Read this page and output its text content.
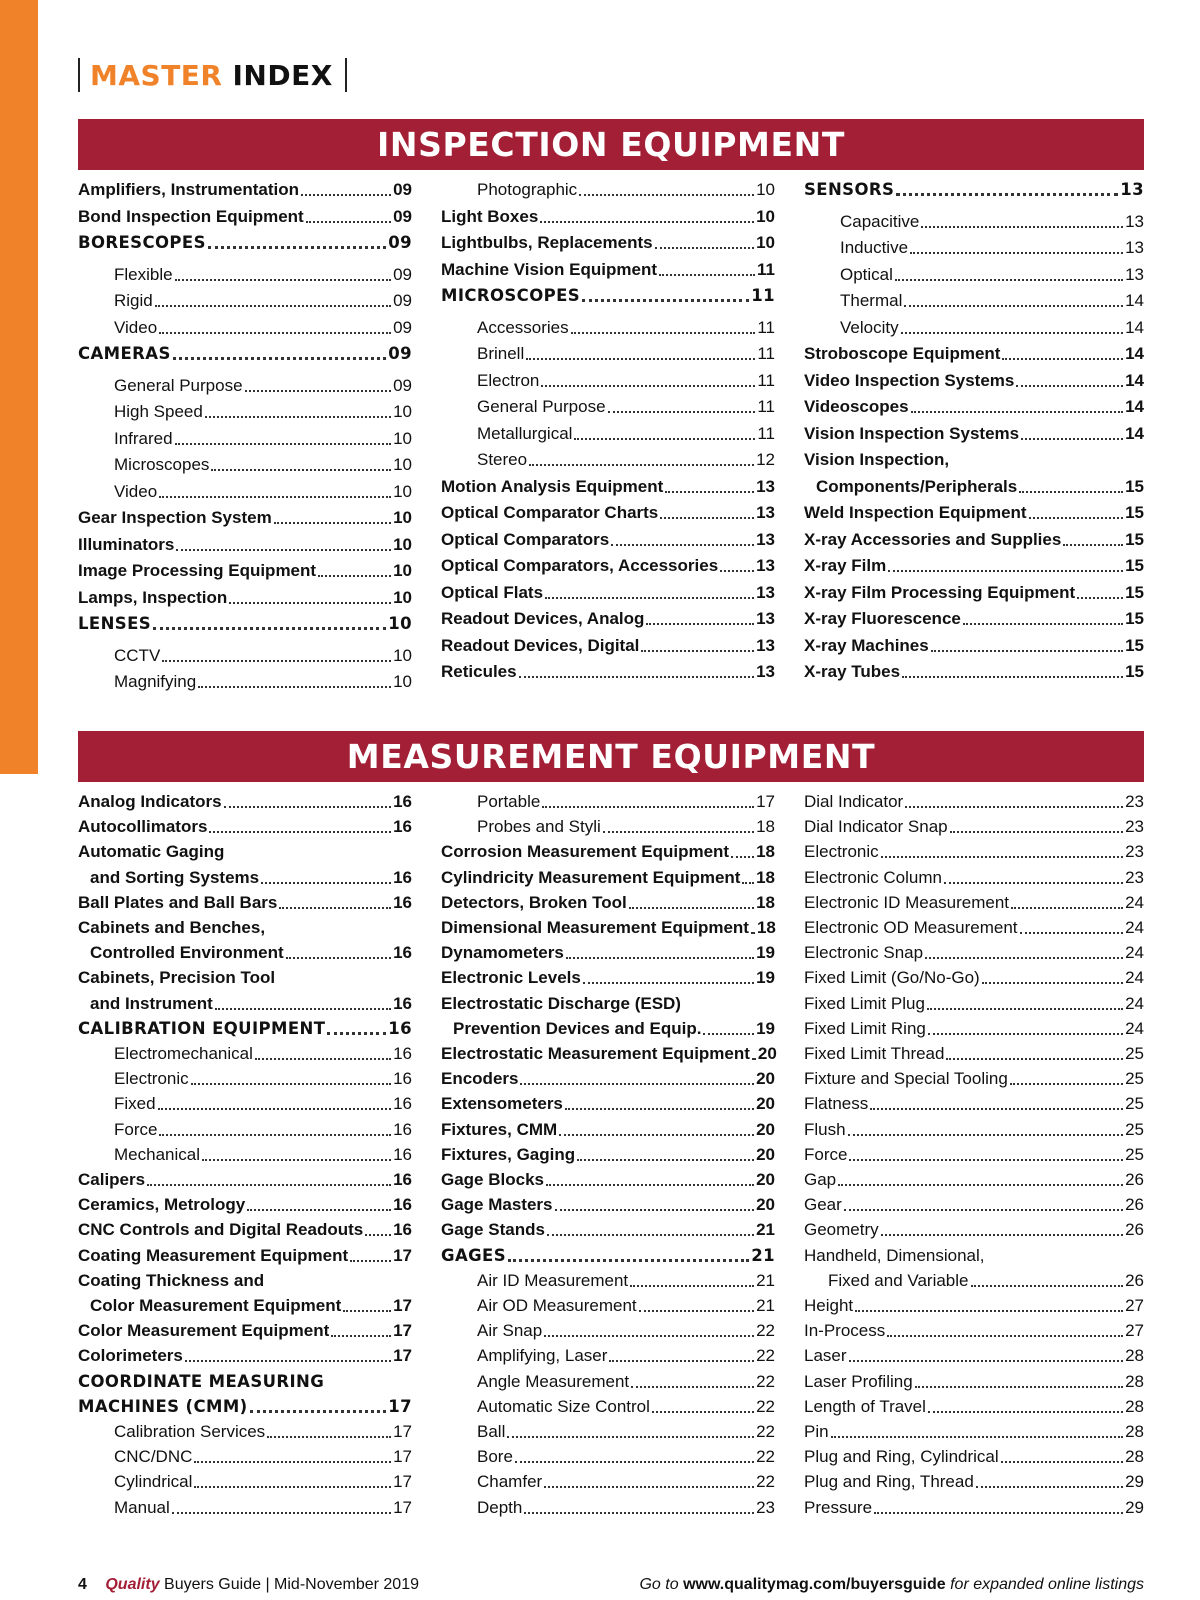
MASTER INDEX
INSPECTION EQUIPMENT
MEASUREMENT EQUIPMENT
Amplifiers, Instrumentation	09
Bond Inspection Equipment	09
BORESCOPES	09
Flexible	09
Rigid	09
Video	09
CAMERAS	09
General Purpose	09
High Speed	10
Infrared	10
Microscopes	10
Video	10
Gear Inspection System	10
Illuminators	10
Image Processing Equipment	10
Lamps, Inspection	10
LENSES	10
CCTV	10
Magnifying	10
Photographic	10
Light Boxes	10
Lightbulbs, Replacements	10
Machine Vision Equipment	11
MICROSCOPES	11
Accessories	11
Brinell	11
Electron	11
General Purpose	11
Metallurgical	11
Stereo	12
Motion Analysis Equipment	13
Optical Comparator Charts	13
Optical Comparators	13
Optical Comparators, Accessories 13
Optical Flats	13
Readout Devices, Analog	13
Readout Devices, Digital	13
Reticules	13
SENSORS	13
Capacitive	13
Inductive	13
Optical	13
Thermal	14
Velocity	14
Stroboscope Equipment	14
Video Inspection Systems	14
Videoscopes	14
Vision Inspection Systems	14
Vision Inspection,
Components/Peripherals	15
Weld Inspection Equipment	15
X-ray Accessories and Supplies	15
X-ray Film	15
X-ray Film Processing Equipment	15
X-ray Fluorescence	15
X-ray Machines	15
X-ray Tubes	15
Analog Indicators	16
Autocollimators	16
Automatic Gaging
and Sorting Systems	16
Ball Plates and Ball Bars	16
Cabinets and Benches,
Controlled Environment	16
Cabinets, Precision Tool
and Instrument	16
CALIBRATION EQUIPMENT	16
Electromechanical	16
Electronic	16
Fixed	16
Force	16
Mechanical	16
Calipers	16
Ceramics, Metrology	16
CNC Controls and Digital Readouts 16
Coating Measurement Equipment	17
Coating Thickness and
Color Measurement Equipment	17
Color Measurement Equipment	17
Colorimeters	17
COORDINATE MEASURING
MACHINES (CMM)	17
Calibration Services	17
CNC/DNC	17
Cylindrical	17
Manual	17
Portable	17
Probes and Styli	18
Corrosion Measurement Equipment 18
Cylindricity Measurement Equipment 18
Detectors, Broken Tool	18
Dimensional Measurement Equipment 18
Dynamometers	19
Electronic Levels	19
Electrostatic Discharge (ESD)
Prevention Devices and Equip.	19
Electrostatic Measurement Equipment 20
Encoders	20
Extensometers	20
Fixtures, CMM	20
Fixtures, Gaging	20
Gage Blocks	20
Gage Masters	20
Gage Stands	21
GAGES	21
Air ID Measurement	21
Air OD Measurement	21
Air Snap	22
Amplifying, Laser	22
Angle Measurement	22
Automatic Size Control	22
Ball	22
Bore	22
Chamfer	22
Depth	23
Dial Indicator	23
Dial Indicator Snap	23
Electronic	23
Electronic Column	23
Electronic ID Measurement	24
Electronic OD Measurement	24
Electronic Snap	24
Fixed Limit (Go/No-Go)	24
Fixed Limit Plug	24
Fixed Limit Ring	24
Fixed Limit Thread	25
Fixture and Special Tooling	25
Flatness	25
Flush	25
Force	25
Gap	26
Gear	26
Geometry	26
Handheld, Dimensional,
Fixed and Variable	26
Height	27
In-Process	27
Laser	28
Laser Profiling	28
Length of Travel	28
Pin	28
Plug and Ring, Cylindrical	28
Plug and Ring, Thread	29
Pressure	29
4 Quality Buyers Guide | Mid-November 2019	Go to www.qualitymag.com/buyersguide for expanded online listings
